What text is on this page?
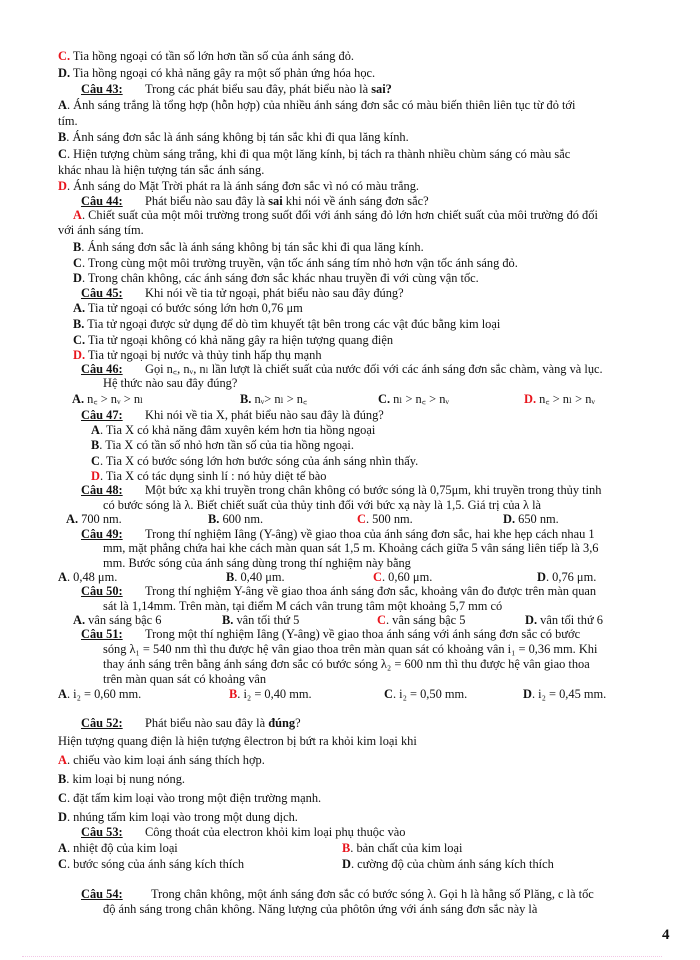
C. Tia hồng ngoại có tần số lớn hơn tần số của ánh sáng đỏ.
D. Tia hồng ngoại có khả năng gây ra một số phản ứng hóa học.
Câu 43: Trong các phát biểu sau đây, phát biểu nào là sai?
A. Ánh sáng trắng là tổng hợp (hỗn hợp) của nhiều ánh sáng đơn sắc có màu biến thiên liên tục từ đỏ tới
tím.
B. Ánh sáng đơn sắc là ánh sáng không bị tán sắc khi đi qua lăng kính.
C. Hiện tượng chùm sáng trắng, khi đi qua một lăng kính, bị tách ra thành nhiều chùm sáng có màu sắc
khác nhau là hiện tượng tán sắc ánh sáng.
D. Ánh sáng do Mặt Trời phát ra là ánh sáng đơn sắc vì nó có màu trắng.
Câu 44: Phát biểu nào sau đây là sai khi nói về ánh sáng đơn sắc?
A. Chiết suất của một môi trường trong suốt đối với ánh sáng đỏ lớn hơn chiết suất của môi trường đó đối
với ánh sáng tím.
B. Ánh sáng đơn sắc là ánh sáng không bị tán sắc khi đi qua lăng kính.
C. Trong cùng một môi trường truyền, vận tốc ánh sáng tím nhỏ hơn vận tốc ánh sáng đỏ.
D. Trong chân không, các ánh sáng đơn sắc khác nhau truyền đi với cùng vận tốc.
Câu 45: Khi nói về tia tử ngoại, phát biểu nào sau đây đúng?
A. Tia tử ngoại có bước sóng lớn hơn 0,76 μm
B. Tia tử ngoại được sử dụng để dò tìm khuyết tật bên trong các vật đúc bằng kim loại
C. Tia tử ngoại không có khả năng gây ra hiện tượng quang điện
D. Tia tử ngoại bị nước và thủy tinh hấp thụ mạnh
Câu 46: Gọi n꜀, nᵥ, nₗ lần lượt là chiết suất của nước đối với các ánh sáng đơn sắc chàm, vàng và lục.
Hệ thức nào sau đây đúng?
A. n꜀ > nᵥ > nₗ	B. nᵥ> nₗ > n꜀	C. nₗ > n꜀ > nᵥ	D. n꜀ > nₗ > nᵥ
Câu 47: Khi nói về tia X, phát biểu nào sau đây là đúng?
A. Tia X có khả năng đâm xuyên kém hơn tia hồng ngoại
B. Tia X có tần số nhỏ hơn tần số của tia hồng ngoại.
C. Tia X có bước sóng lớn hơn bước sóng của ánh sáng nhìn thấy.
D. Tia X có tác dụng sinh lí : nó hủy diệt tế bào
Câu 48: Một bức xạ khi truyền trong chân không có bước sóng là 0,75μm, khi truyền trong thủy tinh
có bước sóng là λ. Biết chiết suất của thủy tinh đối với bức xạ này là 1,5. Giá trị của λ là
A. 700 nm.	B. 600 nm.	C. 500 nm.	D. 650 nm.
Câu 49: Trong thí nghiệm Iâng (Y-âng) về giao thoa của ánh sáng đơn sắc, hai khe hẹp cách nhau 1
mm, mặt phẳng chứa hai khe cách màn quan sát 1,5 m. Khoảng cách giữa 5 vân sáng liên tiếp là 3,6
mm. Bước sóng của ánh sáng dùng trong thí nghiệm này bằng
A. 0,48 μm.	B. 0,40 μm.	C. 0,60 μm.	D. 0,76 μm.
Câu 50: Trong thí nghiệm Y-âng về giao thoa ánh sáng đơn sắc, khoảng vân đo được trên màn quan
sát là 1,14mm. Trên màn, tại điểm M cách vân trung tâm một khoảng 5,7 mm có
A. vân sáng bậc 6	B. vân tối thứ 5	C. vân sáng bậc 5	D. vân tối thứ 6
Câu 51: Trong một thí nghiệm Iâng (Y-âng) về giao thoa ánh sáng với ánh sáng đơn sắc có bước
sóng λ₁ = 540 nm thì thu được hệ vân giao thoa trên màn quan sát có khoảng vân i₁ = 0,36 mm. Khi
thay ánh sáng trên bằng ánh sáng đơn sắc có bước sóng λ₂ = 600 nm thì thu được hệ vân giao thoa
trên màn quan sát có khoảng vân
A. i₂ = 0,60 mm.	B. i₂ = 0,40 mm.	C. i₂ = 0,50 mm.	D. i₂ = 0,45 mm.
Câu 52: Phát biểu nào sau đây là đúng?
Hiện tượng quang điện là hiện tượng êlectron bị bứt ra khỏi kim loại khi
A. chiếu vào kim loại ánh sáng thích hợp.
B. kim loại bị nung nóng.
C. đặt tấm kim loại vào trong một điện trường mạnh.
D. nhúng tấm kim loại vào trong một dung dịch.
Câu 53: Công thoát của electron khỏi kim loại phụ thuộc vào
A. nhiệt độ của kim loại	B. bản chất của kim loại
C. bước sóng của ánh sáng kích thích	D. cường độ của chùm ánh sáng kích thích
Câu 54: Trong chân không, một ánh sáng đơn sắc có bước sóng λ. Gọi h là hằng số Plăng, c là tốc
độ ánh sáng trong chân không. Năng lượng của phôtôn ứng với ánh sáng đơn sắc này là
4
